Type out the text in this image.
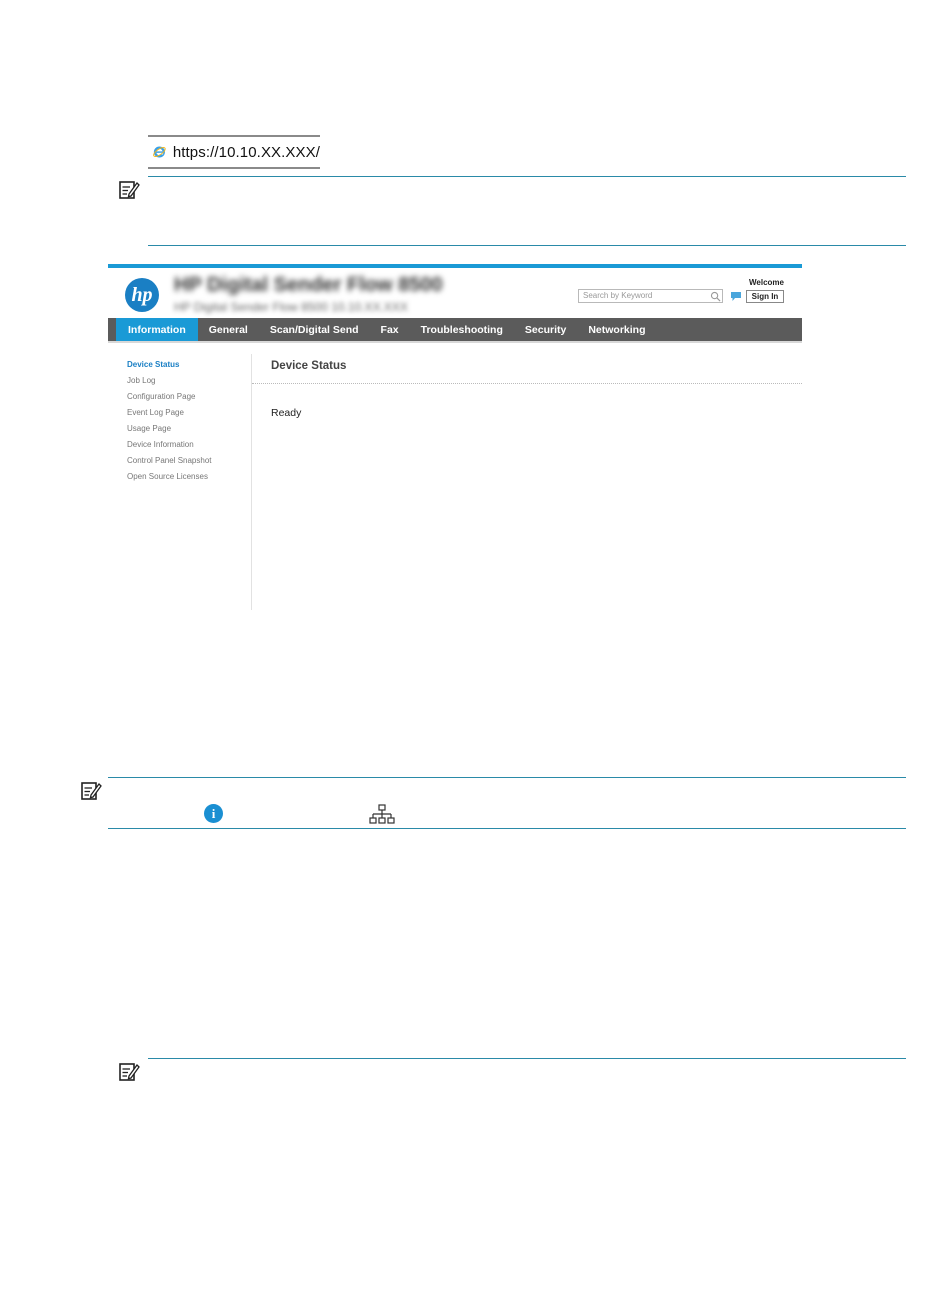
https://10.10.XX.XXX/
hp	HP Digital Sender Flow 8500
HP Digital Sender Flow 8500 10.10.XX.XXX
Welcome
Search by Keyword	Sign In
Information	General	Scan/Digital Send	Fax	Troubleshooting	Security	Networking
Device Status
Job Log
Configuration Page
Event Log Page
Usage Page
Device Information
Control Panel Snapshot
Open Source Licenses
Device Status
Ready
i
